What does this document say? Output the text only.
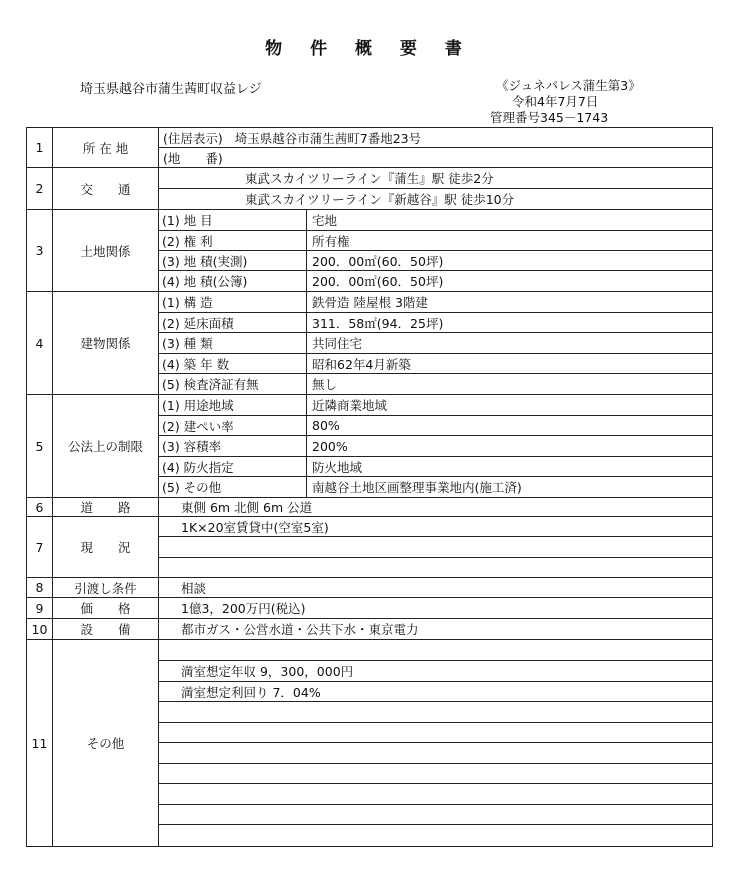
物 件 概 要 書
埼玉県越谷市蒲生茜町収益レジ	《ジュネパレス蒲生第3》
令和4年7月7日
管理番号345－1743
1	所 在 地	(住居表示) 埼玉県越谷市蒲生茜町7番地23号	
		(地　　番)	
2	交　　通	東武スカイツリーライン『蒲生』駅 徒歩2分	
		東武スカイツリーライン『新越谷』駅 徒歩10分	
3	土地関係	(1) 地 目	宅地
		(2) 権 利	所有権
		(3) 地 積(実測)	200．00㎡(60．50坪)
		(4) 地 積(公簿)	200．00㎡(60．50坪)
4	建物関係	(1) 構 造	鉄骨造 陸屋根 3階建
		(2) 延床面積	311．58㎡(94．25坪)
		(3) 種 類	共同住宅
		(4) 築 年 数	昭和62年4月新築
		(5) 検査済証有無	無し
5	公法上の制限	(1) 用途地域	近隣商業地域
		(2) 建ぺい率	80%
		(3) 容積率	200%
		(4) 防火指定	防火地域
		(5) その他	南越谷土地区画整理事業地内(施工済)
6	道　　路	東側 6m 北側 6m 公道	
7	現　　況	1K×20室賃貸中(空室5室)	

8	引渡し条件	相談	
9	価　　格	1億3，200万円(税込)	
10	設　　備	都市ガス・公営水道・公共下水・東京電力	
11	その他		
		満室想定年収 9，300，000円	
		満室想定利回り 7．04%	
